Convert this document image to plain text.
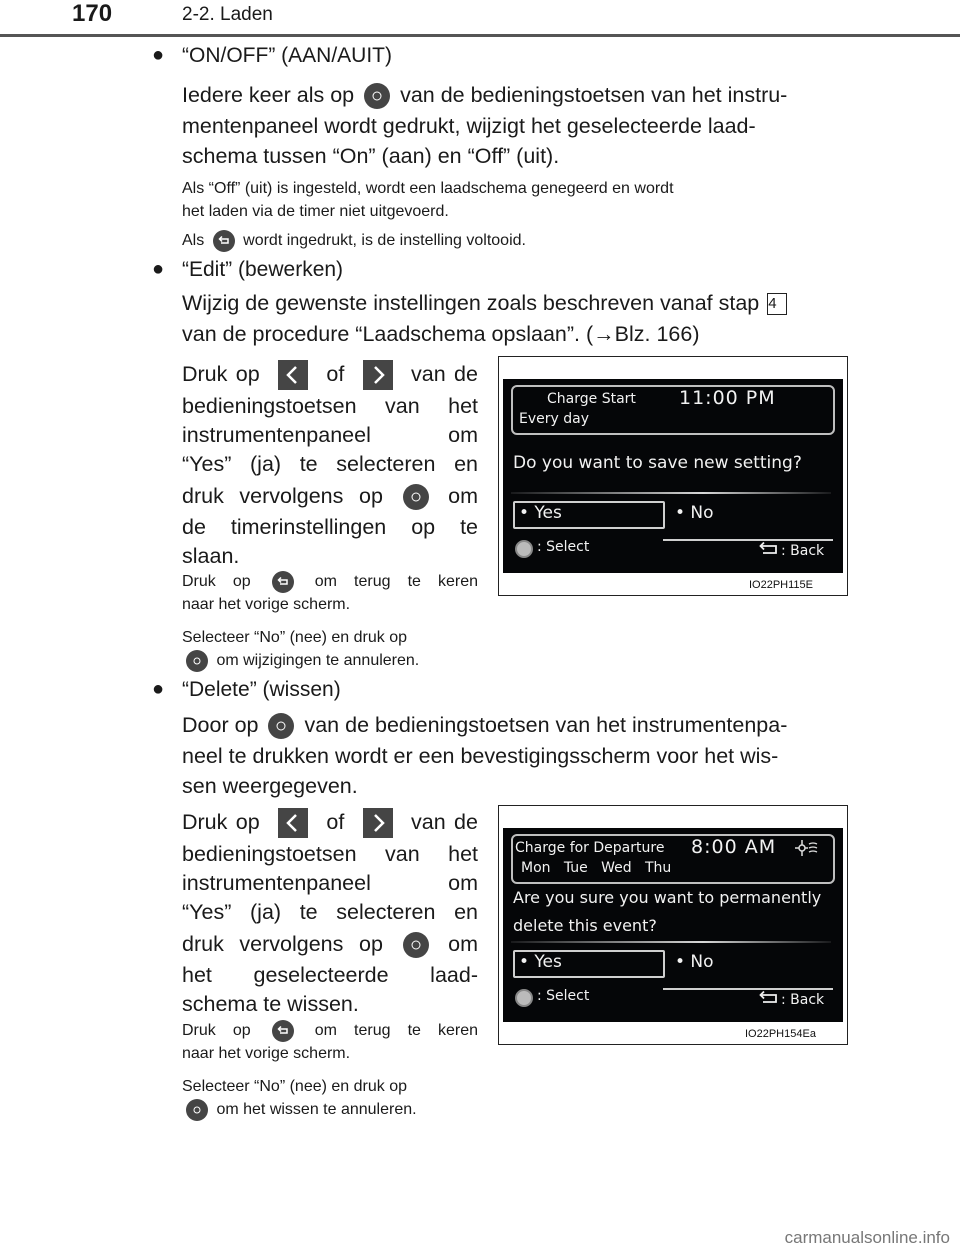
170	2-2. Laden
● “ON/OFF” (AAN/AUIT)
Iedere keer als op van de bedieningstoetsen van het instru-
mentenpaneel wordt gedrukt, wijzigt het geselecteerde laad-
schema tussen “On” (aan) en “Off” (uit).
Als “Off” (uit) is ingesteld, wordt een laadschema genegeerd en wordt
het laden via de timer niet uitgevoerd.
Als wordt ingedrukt, is de instelling voltooid.
● “Edit” (bewerken)
Wijzig de gewenste instellingen zoals beschreven vanaf stap 4
van de procedure “Laadschema opslaan”. (→Blz. 166)
Druk op	of	van de
bedieningstoetsen van het
instrumentenpaneel om
“Yes” (ja) te selecteren en
druk vervolgens op	om
de timerinstellingen op te
slaan.
Druk op	om terug te keren
naar het vorige scherm.
Selecteer “No” (nee) en druk op
om wijzigingen te annuleren.
Charge Start 11:00 PM
Every day
Do you want to save new setting?
• Yes	• No
: Select	: Back
IO22PH115E
● “Delete” (wissen)
Door op van de bedieningstoetsen van het instrumentenpa-
neel te drukken wordt er een bevestigingsscherm voor het wis-
sen weergegeven.
Druk op	of	van de
bedieningstoetsen van het
instrumentenpaneel om
“Yes” (ja) te selecteren en
druk vervolgens op	om
het geselecteerde laad-
schema te wissen.
Druk op	om terug te keren
naar het vorige scherm.
Selecteer “No” (nee) en druk op
om het wissen te annuleren.
Charge for Departure 8:00 AM
Mon   Tue   Wed   Thu
Are you sure you want to permanently
delete this event?
• Yes	• No
: Select	: Back
IO22PH154Ea
carmanualsonline.info
